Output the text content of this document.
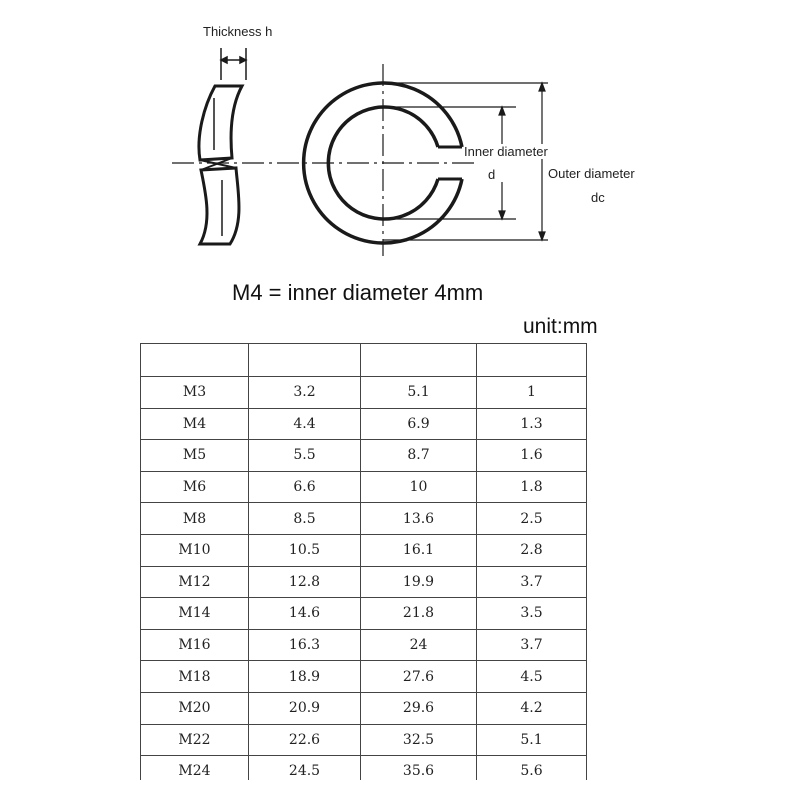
Thickness h
Inner diameter
d	Outer diameter
dc
M4 = inner diameter 4mm
unit:mm

M3	3.2	5.1	1
M4	4.4	6.9	1.3
M5	5.5	8.7	1.6
M6	6.6	10	1.8
M8	8.5	13.6	2.5
M10	10.5	16.1	2.8
M12	12.8	19.9	3.7
M14	14.6	21.8	3.5
M16	16.3	24	3.7
M18	18.9	27.6	4.5
M20	20.9	29.6	4.2
M22	22.6	32.5	5.1
M24	24.5	35.6	5.6
